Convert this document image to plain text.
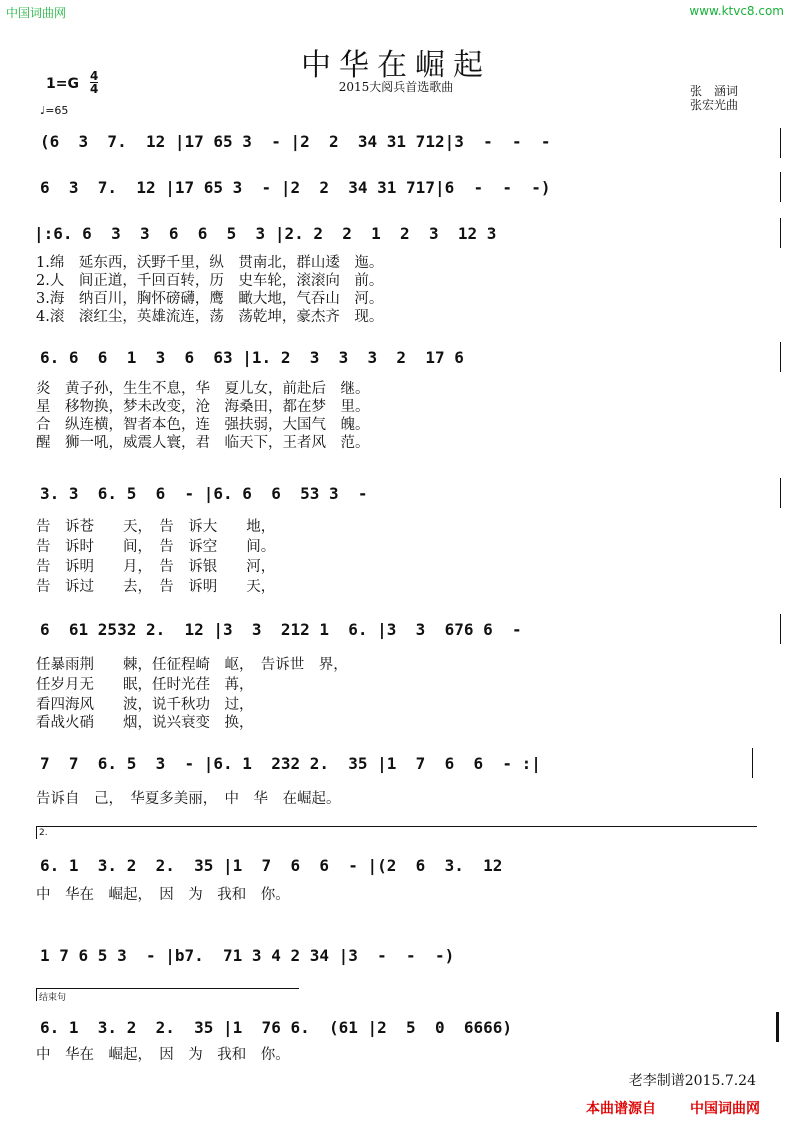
中国词曲网	www.ktvc8.com
中华在崛起
2015大阅兵首选歌曲
1=G 4
4
♩=65
张　涵词
张宏光曲
(6  3  7.  12 |17 65 3  - |2  2  34 31 712|3  -  -  -
6  3  7.  12 |17 65 3  - |2  2  34 31 717|6  -  -  -)
|:6. 6  3  3  6  6  5  3 |2. 2  2  1  2  3  12 3
1.绵　延东西，沃野千里，纵　贯南北，群山逶　迤。
2.人　间正道，千回百转，历　史车轮，滚滚向　前。
3.海　纳百川，胸怀磅礴，鹰　瞰大地，气吞山　河。
4.滚　滚红尘，英雄流连，荡　荡乾坤，豪杰齐　现。
6. 6  6  1  3  6  63 |1. 2  3  3  3  2  17 6
炎　黄子孙，生生不息，华　夏儿女，前赴后　继。
星　移物换，梦未改变，沧　海桑田，都在梦　里。
合　纵连横，智者本色，连　强扶弱，大国气　魄。
醒　狮一吼，威震人寰，君　临天下，王者风　范。
3. 3  6. 5  6  - |6. 6  6  53 3  -
告　诉苍　　天，　告　诉大　　地，
告　诉时　　间，　告　诉空　　间。
告　诉明　　月，　告　诉银　　河，
告　诉过　　去，　告　诉明　　天，
6  61 2532 2.  12 |3  3  212 1  6. |3  3  676 6  -
任暴雨荆　　棘，任征程崎　岖，　告诉世　界，
任岁月无　　眠，任时光荏　苒，
看四海风　　波，说千秋功　过，
看战火硝　　烟，说兴衰变　换，
7  7  6. 5  3  - |6. 1  232 2.  35 |1  7  6  6  - :|
告诉自　己，　华夏多美丽，　中　华　在崛起。
2.
6. 1  3. 2  2.  35 |1  7  6  6  - |(2  6  3.  12
中　华在　崛起，　因　为　我和　你。
1 7 6 5 3  - |b7.  71 3 4 2 34 |3  -  -  -)
结束句
6. 1  3. 2  2.  35 |1  76 6.  (61 |2  5  0  6666)
中　华在　崛起，　因　为　我和　你。
老李制谱2015.7.24
本曲谱源自 中国词曲网
